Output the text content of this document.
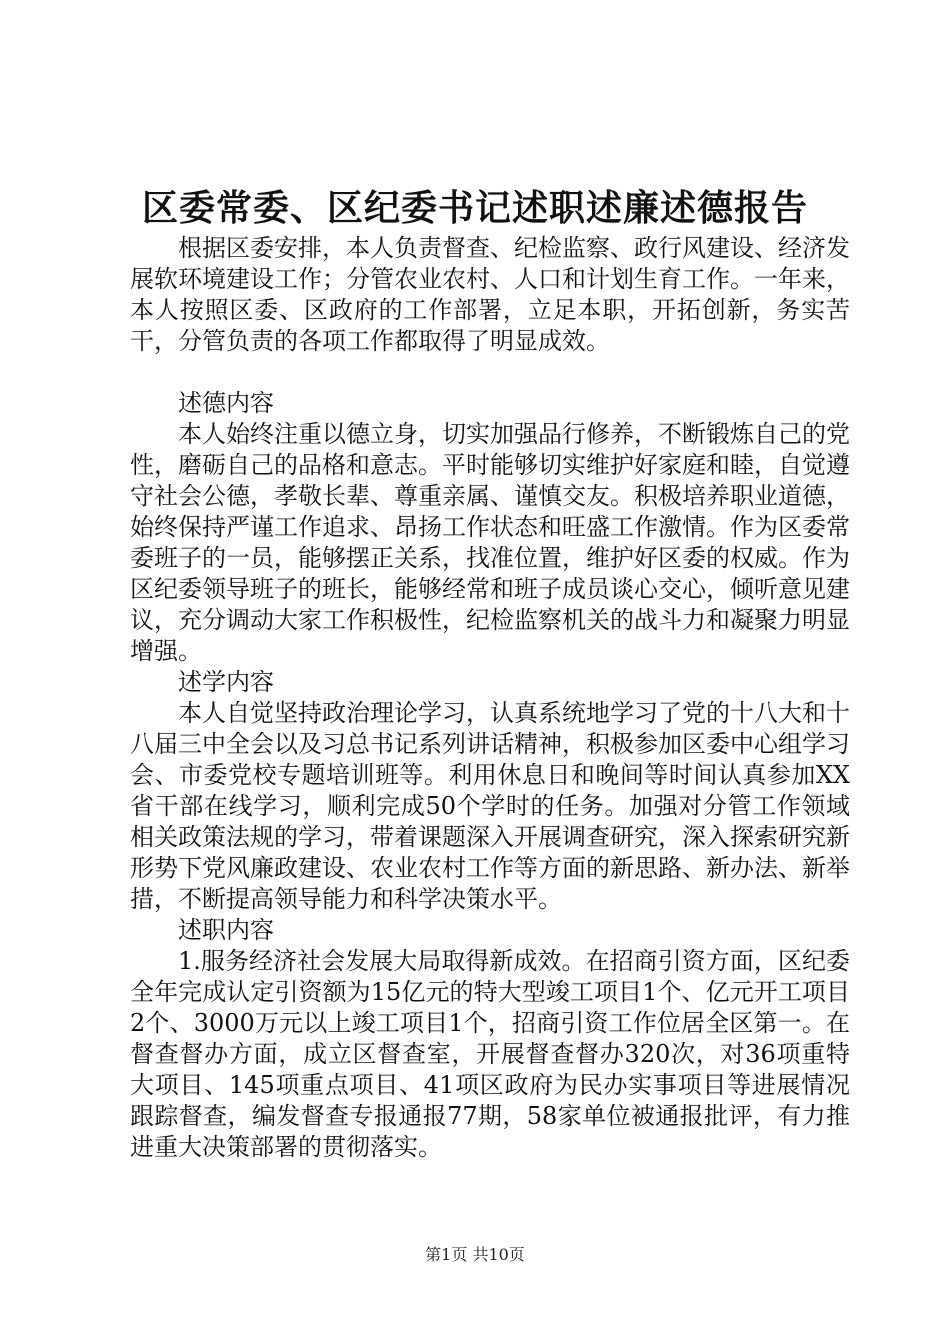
区委常委、区纪委书记述职述廉述德报告

根据区委安排，本人负责督查、纪检监察、政行风建设、经济发展软环境建设工作；分管农业农村、人口和计划生育工作。一年来，本人按照区委、区政府的工作部署，立足本职，开拓创新，务实苦干，分管负责的各项工作都取得了明显成效。

述德内容

本人始终注重以德立身，切实加强品行修养，不断锻炼自己的党性，磨砺自己的品格和意志。平时能够切实维护好家庭和睦，自觉遵守社会公德，孝敬长辈、尊重亲属、谨慎交友。积极培养职业道德，始终保持严谨工作追求、昂扬工作状态和旺盛工作激情。作为区委常委班子的一员，能够摆正关系，找准位置，维护好区委的权威。作为区纪委领导班子的班长，能够经常和班子成员谈心交心，倾听意见建议，充分调动大家工作积极性，纪检监察机关的战斗力和凝聚力明显增强。

述学内容

本人自觉坚持政治理论学习，认真系统地学习了党的十八大和十八届三中全会以及习总书记系列讲话精神，积极参加区委中心组学习会、市委党校专题培训班等。利用休息日和晚间等时间认真参加XX省干部在线学习，顺利完成50个学时的任务。加强对分管工作领域相关政策法规的学习，带着课题深入开展调查研究，深入探索研究新形势下党风廉政建设、农业农村工作等方面的新思路、新办法、新举措，不断提高领导能力和科学决策水平。

述职内容

1.服务经济社会发展大局取得新成效。在招商引资方面，区纪委全年完成认定引资额为15亿元的特大型竣工项目1个、亿元开工项目2个、3000万元以上竣工项目1个，招商引资工作位居全区第一。在督查督办方面，成立区督查室，开展督查督办320次，对36项重特大项目、145项重点项目、41项区政府为民办实事项目等进展情况跟踪督查，编发督查专报通报77期，58家单位被通报批评，有力推进重大决策部署的贯彻落实。

第1页 共10页
